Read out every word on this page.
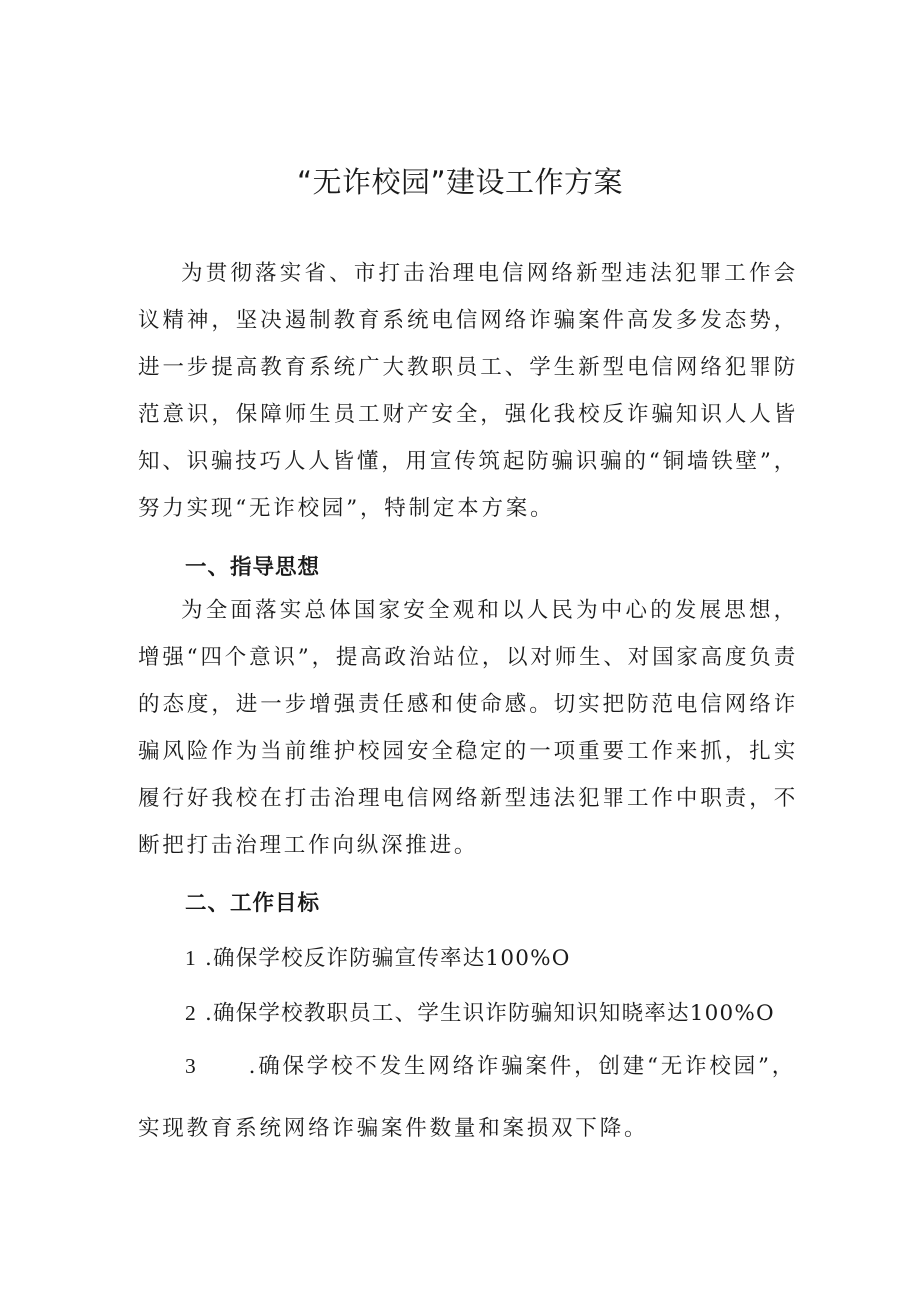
“无诈校园”建设工作方案

为贯彻落实省、市打击治理电信网络新型违法犯罪工作会议精神，坚决遏制教育系统电信网络诈骗案件高发多发态势，进一步提高教育系统广大教职员工、学生新型电信网络犯罪防范意识，保障师生员工财产安全，强化我校反诈骗知识人人皆知、识骗技巧人人皆懂，用宣传筑起防骗识骗的“铜墙铁壁”，努力实现“无诈校园”，特制定本方案。

一、指导思想

为全面落实总体国家安全观和以人民为中心的发展思想，增强“四个意识”，提高政治站位，以对师生、对国家高度负责的态度，进一步增强责任感和使命感。切实把防范电信网络诈骗风险作为当前维护校园安全稳定的一项重要工作来抓，扎实履行好我校在打击治理电信网络新型违法犯罪工作中职责，不断把打击治理工作向纵深推进。

二、工作目标
1 .确保学校反诈防骗宣传率达100%O
2 .确保学校教职员工、学生识诈防骗知识知晓率达100%O
3 .确保学校不发生网络诈骗案件，创建“无诈校园”，
实现教育系统网络诈骗案件数量和案损双下降。
